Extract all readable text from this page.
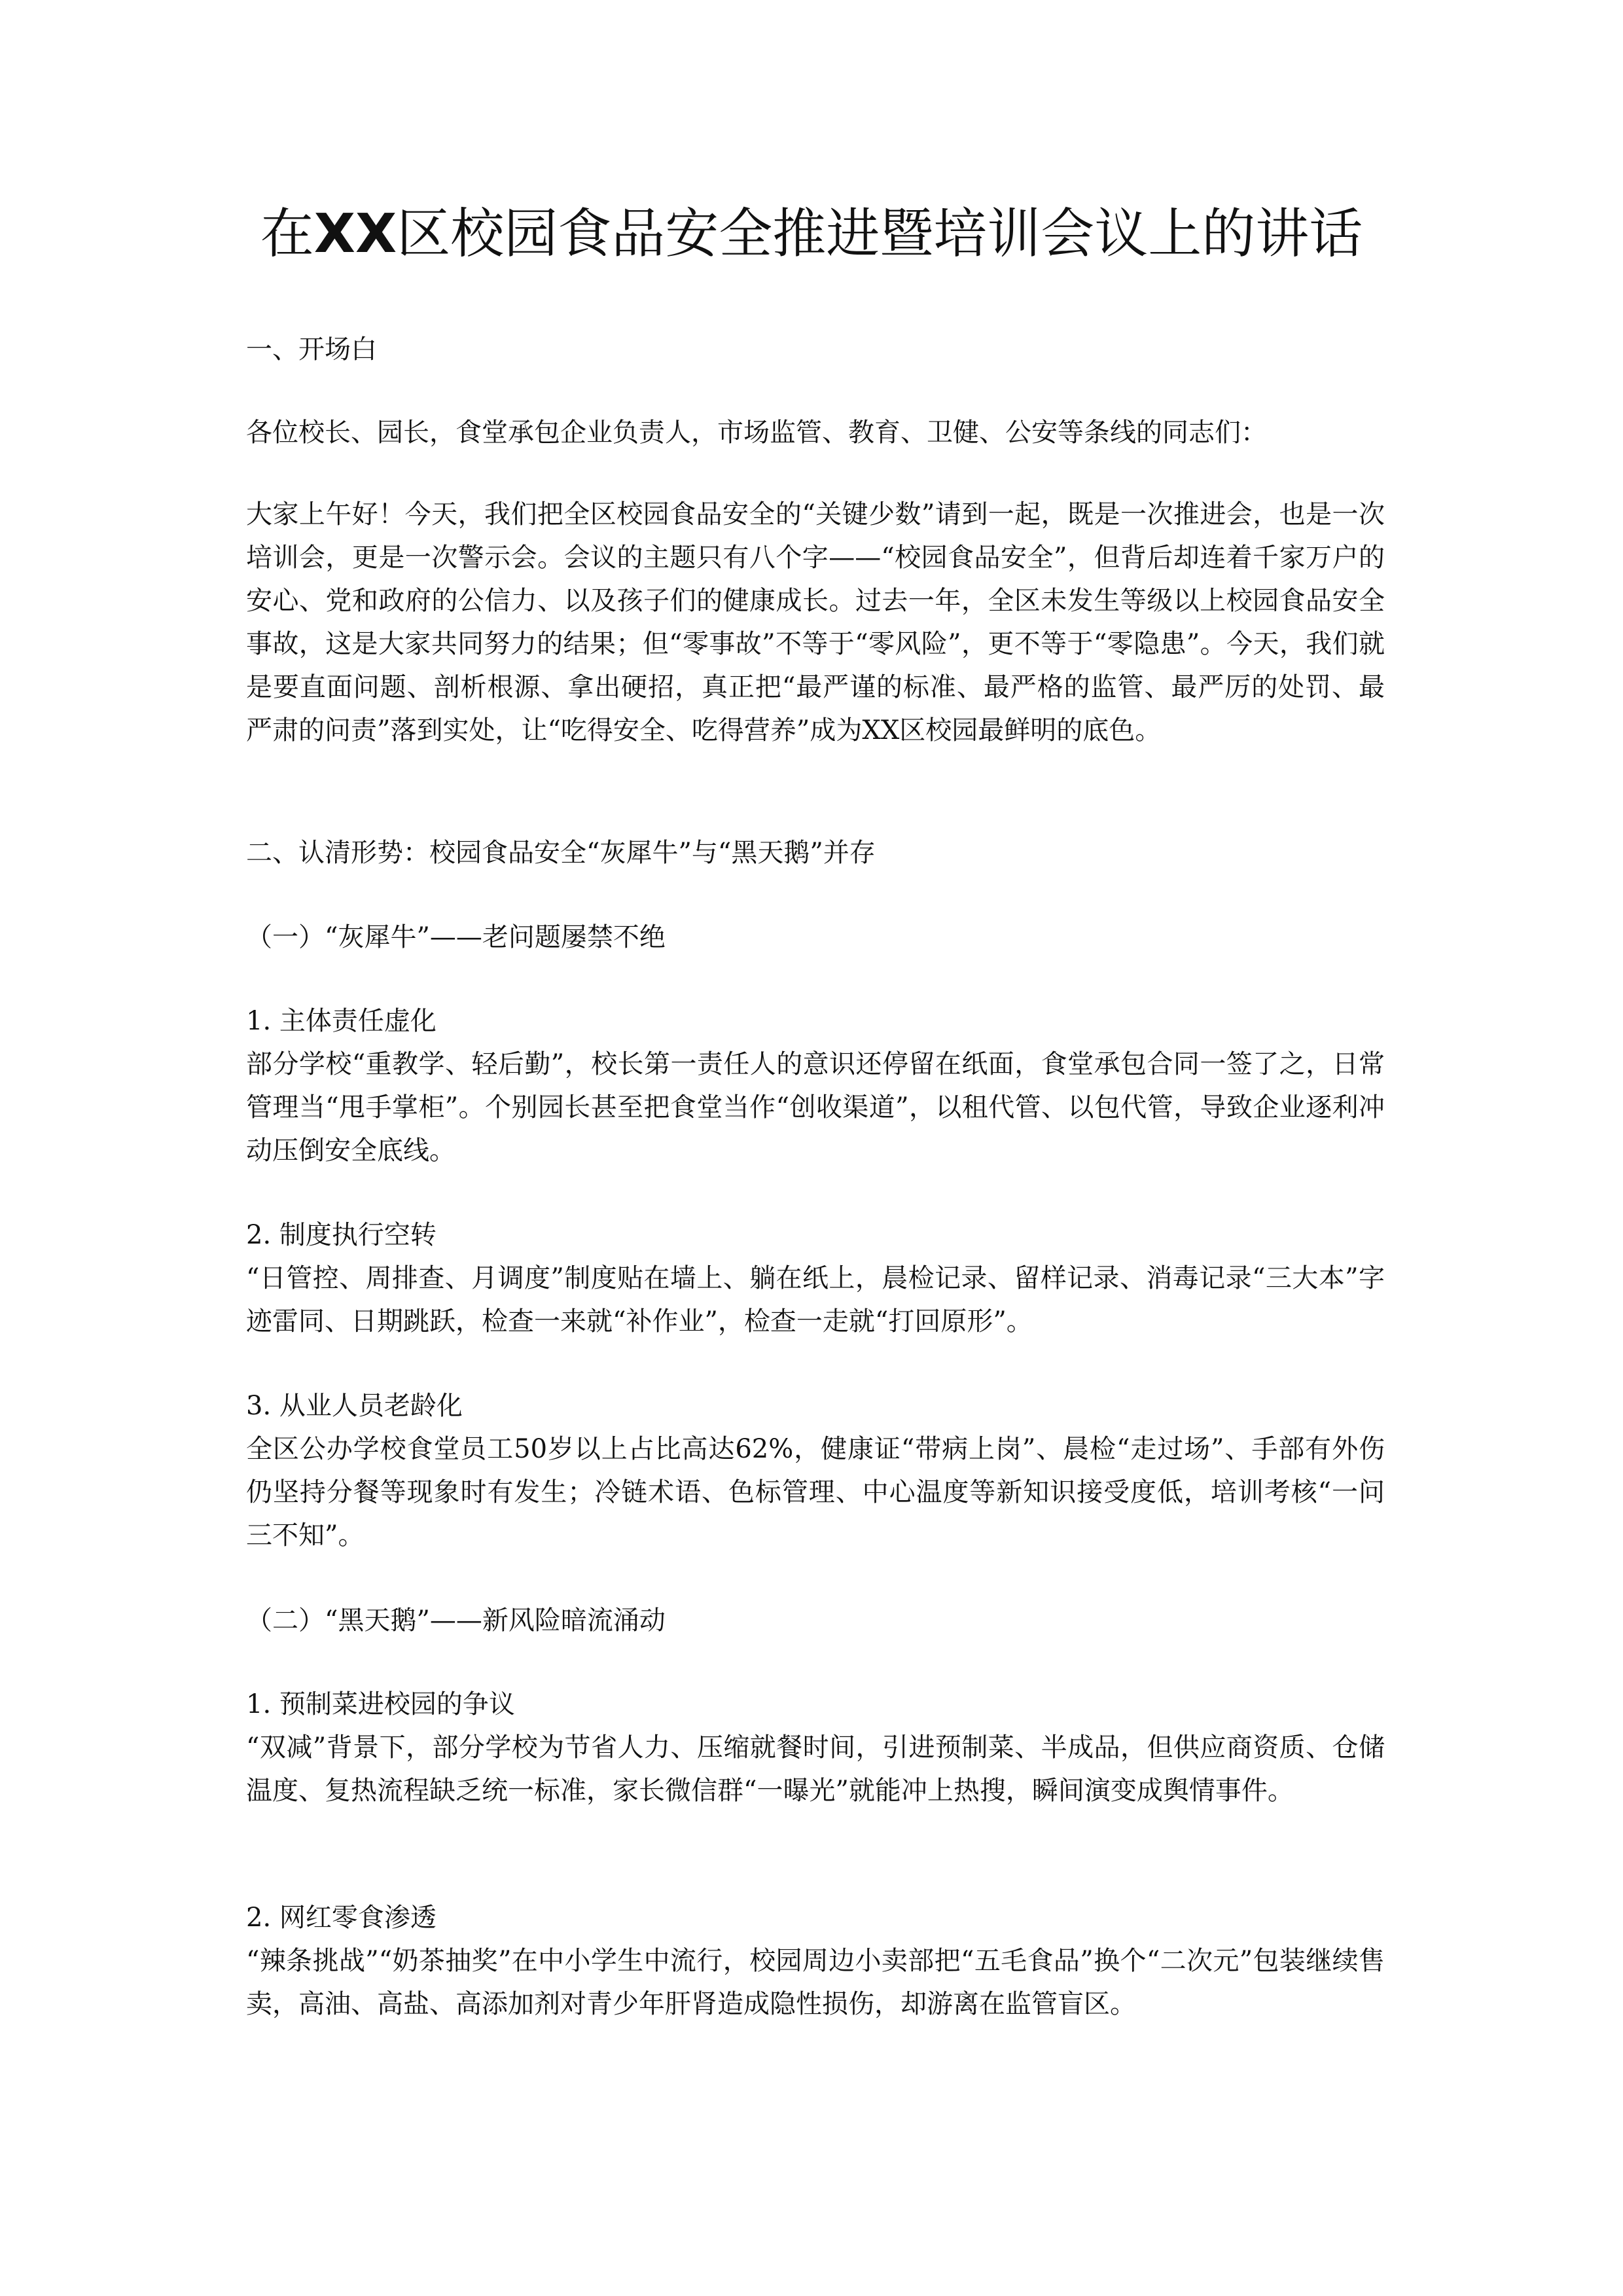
在XX区校园食品安全推进暨培训会议上的讲话

一、开场白

各位校长、园长，食堂承包企业负责人，市场监管、教育、卫健、公安等条线的同志们：

大家上午好！今天，我们把全区校园食品安全的“关键少数”请到一起，既是一次推进会，也是一次培训会，更是一次警示会。会议的主题只有八个字——“校园食品安全”，但背后却连着千家万户的安心、党和政府的公信力、以及孩子们的健康成长。过去一年，全区未发生等级以上校园食品安全事故，这是大家共同努力的结果；但“零事故”不等于“零风险”，更不等于“零隐患”。今天，我们就是要直面问题、剖析根源、拿出硬招，真正把“最严谨的标准、最严格的监管、最严厉的处罚、最严肃的问责”落到实处，让“吃得安全、吃得营养”成为XX区校园最鲜明的底色。

二、认清形势：校园食品安全“灰犀牛”与“黑天鹅”并存

（一）“灰犀牛”——老问题屡禁不绝

1. 主体责任虚化
部分学校“重教学、轻后勤”，校长第一责任人的意识还停留在纸面，食堂承包合同一签了之，日常管理当“甩手掌柜”。个别园长甚至把食堂当作“创收渠道”，以租代管、以包代管，导致企业逐利冲动压倒安全底线。
2. 制度执行空转
“日管控、周排查、月调度”制度贴在墙上、躺在纸上，晨检记录、留样记录、消毒记录“三大本”字迹雷同、日期跳跃，检查一来就“补作业”，检查一走就“打回原形”。
3. 从业人员老龄化
全区公办学校食堂员工50岁以上占比高达62%，健康证“带病上岗”、晨检“走过场”、手部有外伤仍坚持分餐等现象时有发生；冷链术语、色标管理、中心温度等新知识接受度低，培训考核“一问三不知”。

（二）“黑天鹅”——新风险暗流涌动

1. 预制菜进校园的争议
“双减”背景下，部分学校为节省人力、压缩就餐时间，引进预制菜、半成品，但供应商资质、仓储温度、复热流程缺乏统一标准，家长微信群“一曝光”就能冲上热搜，瞬间演变成舆情事件。
2. 网红零食渗透
“辣条挑战”“奶茶抽奖”在中小学生中流行，校园周边小卖部把“五毛食品”换个“二次元”包装继续售卖，高油、高盐、高添加剂对青少年肝肾造成隐性损伤，却游离在监管盲区。
